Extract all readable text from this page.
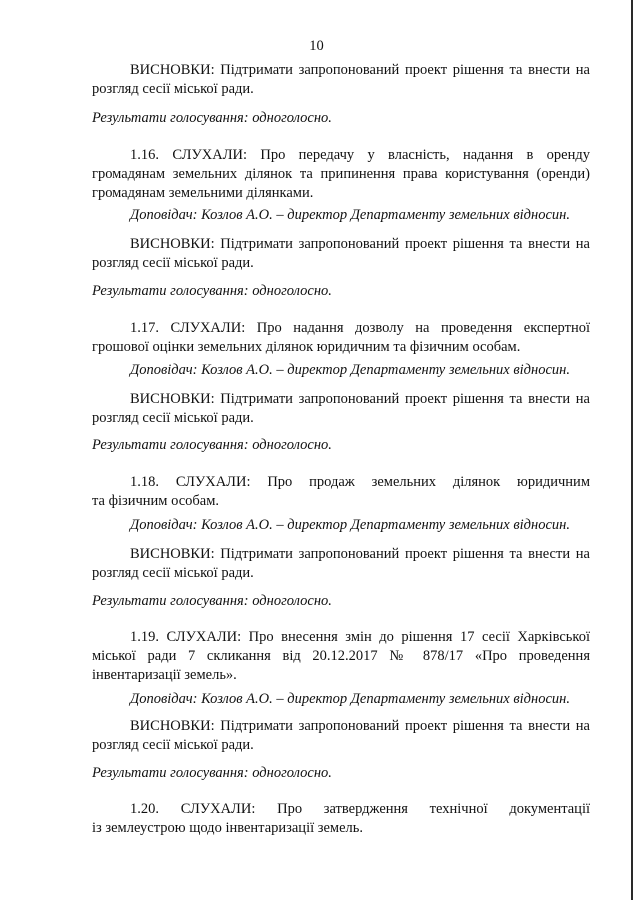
10

ВИСНОВКИ: Підтримати запропонований проект рішення та внести на розгляд сесії міської ради.

Результати голосування: одноголосно.

1.16. СЛУХАЛИ: Про передачу у власність, надання в оренду
громадянам земельних ділянок та припинення права користування (оренди)
громадянам земельними ділянками.

Доповідач: Козлов А.О. – директор Департаменту земельних відносин.

ВИСНОВКИ: Підтримати запропонований проект рішення та внести на розгляд сесії міської ради.

Результати голосування: одноголосно.

1.17. СЛУХАЛИ: Про надання дозволу на проведення експертної
грошової оцінки земельних ділянок юридичним та фізичним особам.

Доповідач: Козлов А.О. – директор Департаменту земельних відносин.

ВИСНОВКИ: Підтримати запропонований проект рішення та внести на розгляд сесії міської ради.

Результати голосування: одноголосно.

1.18. СЛУХАЛИ: Про продаж земельних ділянок юридичним
та фізичним особам.

Доповідач: Козлов А.О. – директор Департаменту земельних відносин.

ВИСНОВКИ: Підтримати запропонований проект рішення та внести на розгляд сесії міської ради.

Результати голосування: одноголосно.

1.19. СЛУХАЛИ: Про внесення змін до рішення 17 сесії Харківської
міської ради 7 скликання від 20.12.2017 № 878/17 «Про проведення
інвентаризації земель».

Доповідач: Козлов А.О. – директор Департаменту земельних відносин.

ВИСНОВКИ: Підтримати запропонований проект рішення та внести на розгляд сесії міської ради.

Результати голосування: одноголосно.

1.20. СЛУХАЛИ: Про затвердження технічної документації
із землеустрою щодо інвентаризації земель.
